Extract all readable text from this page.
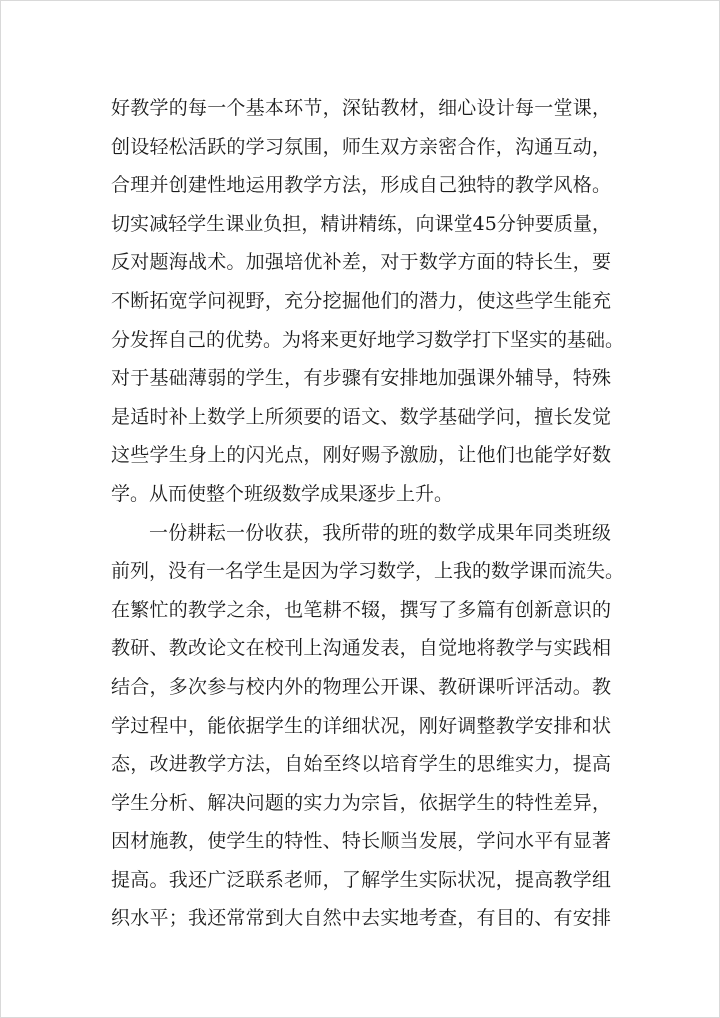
好教学的每一个基本环节，深钻教材，细心设计每一堂课，
创设轻松活跃的学习氛围，师生双方亲密合作，沟通互动，
合理并创建性地运用教学方法，形成自己独特的教学风格。
切实减轻学生课业负担，精讲精练，向课堂45分钟要质量，
反对题海战术。加强培优补差，对于数学方面的特长生，要
不断拓宽学问视野，充分挖掘他们的潜力，使这些学生能充
分发挥自己的优势。为将来更好地学习数学打下坚实的基础。
对于基础薄弱的学生，有步骤有安排地加强课外辅导，特殊
是适时补上数学上所须要的语文、数学基础学问，擅长发觉
这些学生身上的闪光点，刚好赐予激励，让他们也能学好数
学。从而使整个班级数学成果逐步上升。
一份耕耘一份收获，我所带的班的数学成果年同类班级
前列，没有一名学生是因为学习数学，上我的数学课而流失。
在繁忙的教学之余，也笔耕不辍，撰写了多篇有创新意识的
教研、教改论文在校刊上沟通发表，自觉地将教学与实践相
结合，多次参与校内外的物理公开课、教研课听评活动。教
学过程中，能依据学生的详细状况，刚好调整教学安排和状
态，改进教学方法，自始至终以培育学生的思维实力，提高
学生分析、解决问题的实力为宗旨，依据学生的特性差异，
因材施教，使学生的特性、特长顺当发展，学问水平有显著
提高。我还广泛联系老师，了解学生实际状况，提高教学组
织水平；我还常常到大自然中去实地考查，有目的、有安排
